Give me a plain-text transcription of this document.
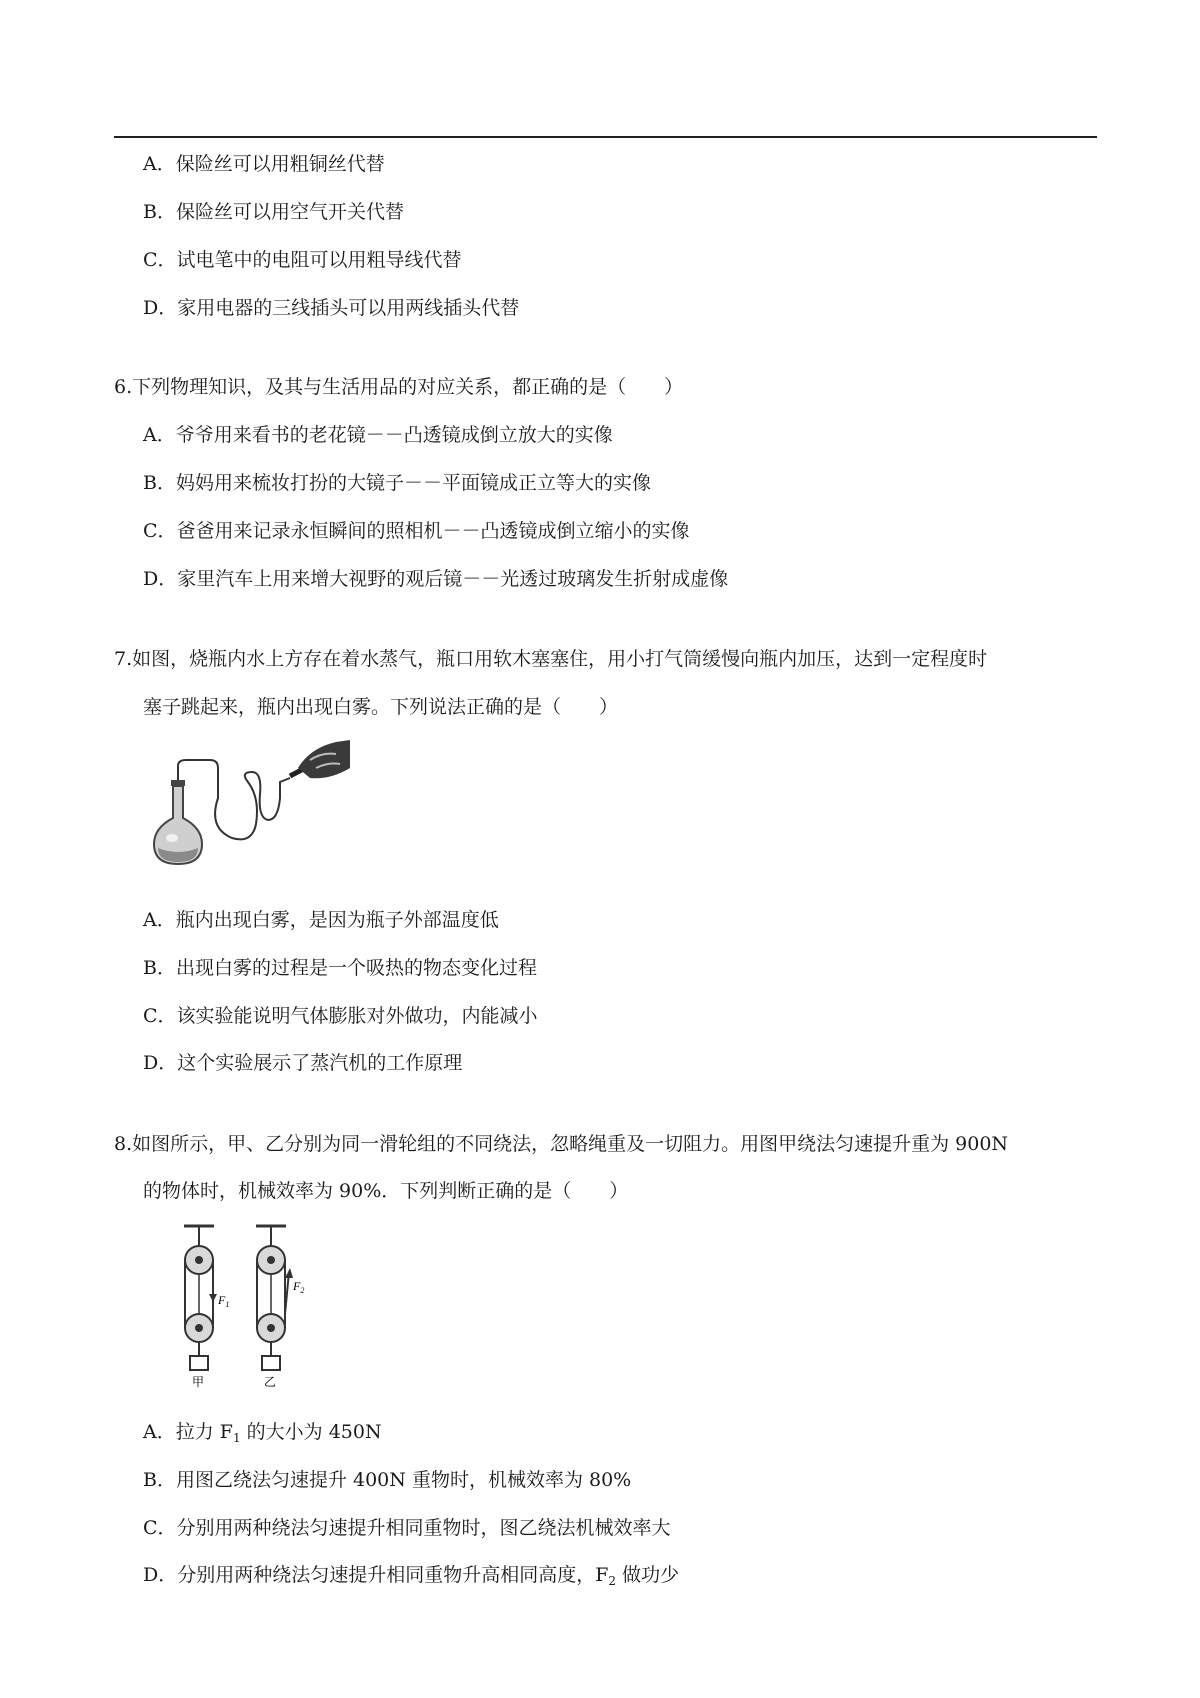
A．保险丝可以用粗铜丝代替
B．保险丝可以用空气开关代替
C．试电笔中的电阻可以用粗导线代替
D．家用电器的三线插头可以用两线插头代替
6.下列物理知识，及其与生活用品的对应关系，都正确的是（　　）
A．爷爷用来看书的老花镜－－凸透镜成倒立放大的实像
B．妈妈用来梳妆打扮的大镜子－－平面镜成正立等大的实像
C．爸爸用来记录永恒瞬间的照相机－－凸透镜成倒立缩小的实像
D．家里汽车上用来增大视野的观后镜－－光透过玻璃发生折射成虚像
7.如图，烧瓶内水上方存在着水蒸气，瓶口用软木塞塞住，用小打气筒缓慢向瓶内加压，达到一定程度时
塞子跳起来，瓶内出现白雾。下列说法正确的是（　　）
A．瓶内出现白雾，是因为瓶子外部温度低
B．出现白雾的过程是一个吸热的物态变化过程
C．该实验能说明气体膨胀对外做功，内能减小
D．这个实验展示了蒸汽机的工作原理
8.如图所示，甲、乙分别为同一滑轮组的不同绕法，忽略绳重及一切阻力。用图甲绕法匀速提升重为 900N
的物体时，机械效率为 90%．下列判断正确的是（　　）
$F_1$
$F_2$
甲	乙
A．拉力 $F_1$ 的大小为 450N
B．用图乙绕法匀速提升 400N 重物时，机械效率为 80%
C．分别用两种绕法匀速提升相同重物时，图乙绕法机械效率大
D．分别用两种绕法匀速提升相同重物升高相同高度，$F_2$ 做功少
